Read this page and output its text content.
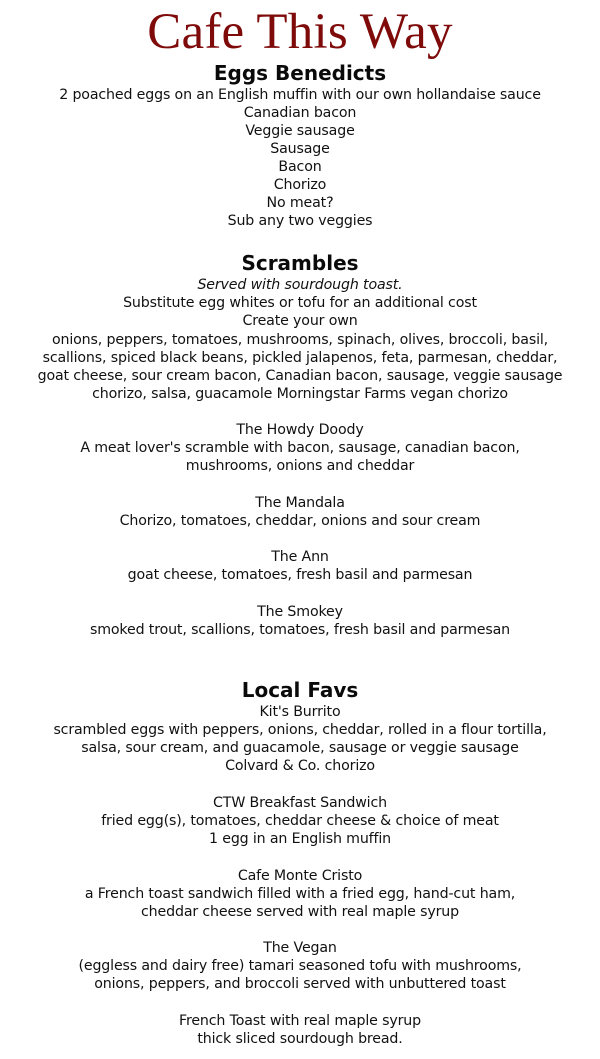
Cafe This Way
Eggs Benedicts
2 poached eggs on an English muffin with our own hollandaise sauce
Canadian bacon
Veggie sausage
Sausage
Bacon
Chorizo
No meat?
Sub any two veggies
Scrambles
Served with sourdough toast.
Substitute egg whites or tofu for an additional cost
Create your own
onions, peppers, tomatoes, mushrooms, spinach, olives, broccoli, basil,
scallions, spiced black beans, pickled jalapenos, feta, parmesan, cheddar,
goat cheese, sour cream bacon, Canadian bacon, sausage, veggie sausage
chorizo, salsa, guacamole Morningstar Farms vegan chorizo
The Howdy Doody
A meat lover's scramble with bacon, sausage, canadian bacon,
mushrooms, onions and cheddar
The Mandala
Chorizo, tomatoes, cheddar, onions and sour cream
The Ann
goat cheese, tomatoes, fresh basil and parmesan
The Smokey
smoked trout, scallions, tomatoes, fresh basil and parmesan
Local Favs
Kit's Burrito
scrambled eggs with peppers, onions, cheddar, rolled in a flour tortilla,
salsa, sour cream, and guacamole, sausage or veggie sausage
Colvard & Co. chorizo
CTW Breakfast Sandwich
fried egg(s), tomatoes, cheddar cheese & choice of meat
1 egg in an English muffin
Cafe Monte Cristo
a French toast sandwich filled with a fried egg, hand-cut ham,
cheddar cheese served with real maple syrup
The Vegan
(eggless and dairy free) tamari seasoned tofu with mushrooms,
onions, peppers, and broccoli served with unbuttered toast
French Toast with real maple syrup
thick sliced sourdough bread.
